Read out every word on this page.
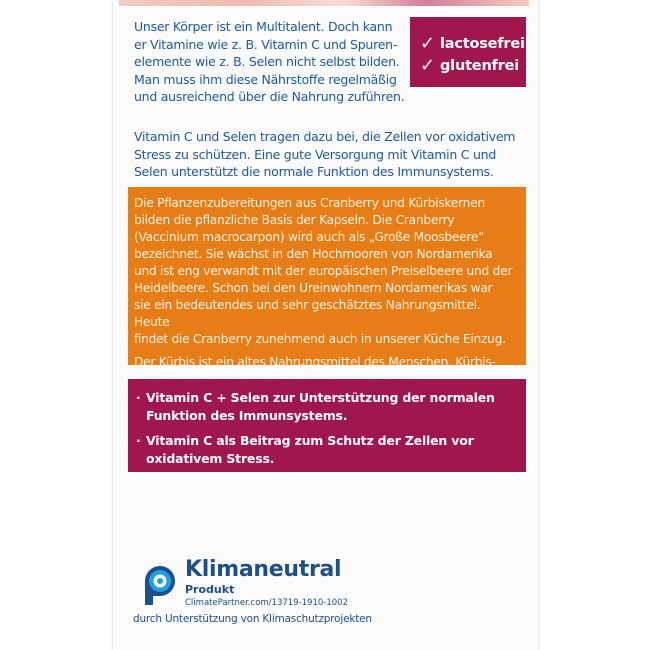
Unser Körper ist ein Multitalent. Doch kann
er Vitamine wie z. B. Vitamin C und Spuren-
elemente wie z. B. Selen nicht selbst bilden.
Man muss ihm diese Nährstoffe regelmäßig
und ausreichend über die Nahrung zuführen.

✓ lactosefrei
✓ glutenfrei

Vitamin C und Selen tragen dazu bei, die Zellen vor oxidativem
Stress zu schützen. Eine gute Versorgung mit Vitamin C und
Selen unterstützt die normale Funktion des Immunsystems.

Die Pflanzenzubereitungen aus Cranberry und Kürbiskernen
bilden die pflanzliche Basis der Kapseln. Die Cranberry
(Vaccinium macrocarpon) wird auch als „Große Moosbeere“
bezeichnet. Sie wächst in den Hochmooren von Nordamerika
und ist eng verwandt mit der europäischen Preiselbeere und der
Heidelbeere. Schon bei den Ureinwohnern Nordamerikas war
sie ein bedeutendes und sehr geschätztes Nahrungsmittel. Heute
findet die Cranberry zunehmend auch in unserer Küche Einzug.

Der Kürbis ist ein altes Nahrungsmittel des Menschen. Kürbis-

· Vitamin C + Selen zur Unterstützung der normalen
Funktion des Immunsystems.
· Vitamin C als Beitrag zum Schutz der Zellen vor
oxidativem Stress.
Klimaneutral
Produkt
ClimatePartner.com/13719-1910-1002
durch Unterstützung von Klimaschutzprojekten
